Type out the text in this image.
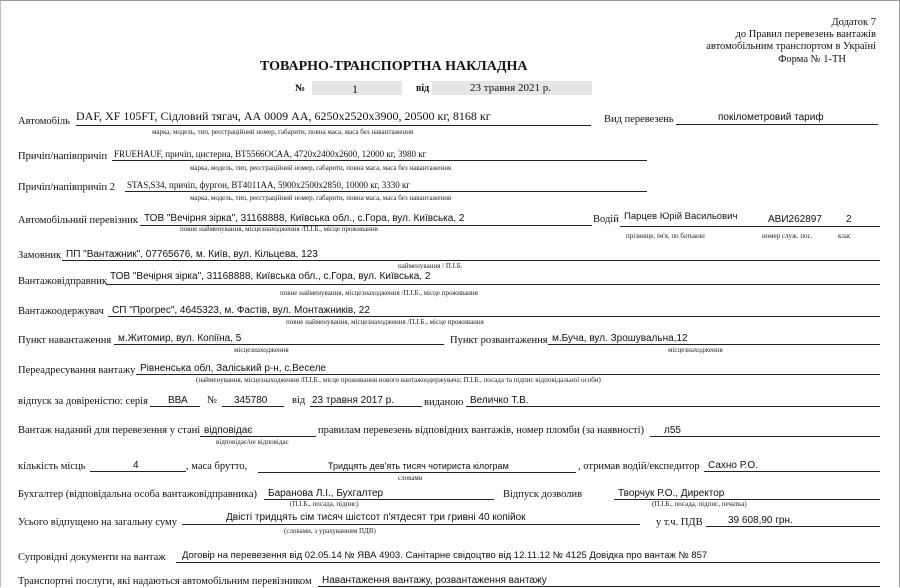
Додаток 7
до Правил перевезень вантажів
автомобільним транспортом в Україні
Форма № 1-ТН
ТОВАРНО-ТРАНСПОРТНА НАКЛАДНА
№	1	від	23 травня 2021 р.
Автомобіль DAF, XF 105FT, Сідловий тягач, АА 0009 АА, 6250х2520х3900, 20500 кг, 8168 кг
марка, модель, тип, реєстраційний номер, габарити, повна маса, маса без навантаження
Вид перевезень	покілометровий тариф
Причіп/напівпричіп FRUEHAUF, причіп, цистерна, ВТ5566ОСАА, 4720х2400х2600, 12000 кг, 3980 кг
марка, модель, тип, реєстраційний номер, габарити, повна маса, маса без навантаження
Причіп/напівпричіп 2 STAS,S34, причіп, фургон, ВТ4011АА, 5900х2500х2850, 10000 кг, 3330 кг
марка, модель, тип, реєстраційний номер, габарити, повна маса, маса без навантаження
Автомобільний перевізник ТОВ "Вечірня зірка", 31168888, Київська обл., с.Гора, вул. Київська, 2
повне найменування, місцезнаходження /П.І.Б., місце проживання
Водій Парцев Юрій Васильович	АВИ262897 2
прізвище, ім'я, по батькові	номер служ. пос.	клас
Замовник ПП "Вантажник", 07765676, м. Київ, вул. Кільцева, 123
найменування / П.І.Б.
Вантажовідправник ТОВ "Вечірня зірка", 31168888, Київська обл., с.Гора, вул. Київська, 2
повне найменування, місцезнаходження /П.І.Б., місце проживання
Вантажоодержувач СП "Прогрес", 4645323, м. Фастів, вул. Монтажників, 22
повне найменування, місцезнаходження /П.І.Б., місце проживання
Пункт навантаження м.Житомир, вул. Копіїна, 5
місцезнаходження
Пункт розвантаження м.Буча, вул. Зрошувальна,12
місцезнаходження
Переадресування вантажу Рівненська обл, Заліський р-н, с.Веселе
(найменування, місцезнаходження /П.І.Б., місце проживання нового вантажоодержувача; П.І.Б., посада та підпис відповідальної особи)
відпуск за довіреністю: серія ВВА № 345780 від 23 травня 2017 р.	виданою Величко Т.В.
Вантаж наданий для перевезення у стані відповідає
відповідає/не відповідає
правилам перевезень відповідних вантажів, номер пломби (за наявності) л55
кількість місць	4	, маса брутто,	Тридцять дев'ять тисяч чотириста кілограм
словами
, отримав водій/експедитор Сахно Р.О.
Бухгалтер (відповідальна особа вантажовідправника) Баранова Л.І., Бухгалтер
(П.І.Б., посада, підпис)
Відпуск дозволив	Творчук Р.О., Директор
(П.І.Б., посада, підпис, печатка)
Усього відпущено на загальну суму	Двісті тридцять сім тисяч шістсот п'ятдесят три гривні 40 копійок
(словами, з урахуванням ПДВ)
у т.ч. ПДВ	39 608,90 грн.
Супровідні документи на вантаж Договір на перевезення від 02.05.14 № ЯВА 4903. Санітарне свідоцтво від 12.11.12 № 4125 Довідка про вантаж № 857
Транспортні послуги, які надаються автомобільним перевізником Навантаження вантажу, розвантаження вантажу
